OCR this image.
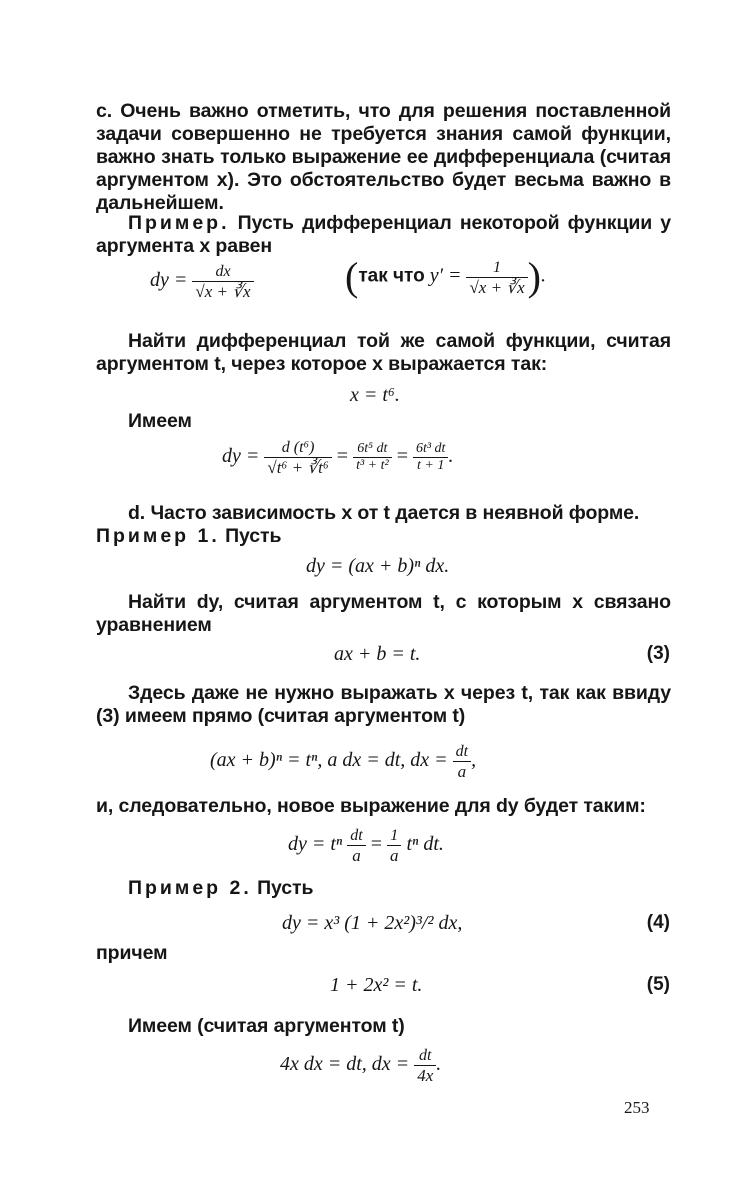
c. Очень важно отметить, что для решения поставленной задачи совершенно не требуется знания самой функции, важно знать только выражение ее дифференциала (считая аргументом x). Это обстоятельство будет весьма важно в дальнейшем.
Пример. Пусть дифференциал некоторой функции y аргумента x равен
dy = $\frac{dx}{√x + ∛x} (так$ что $y' = \frac{1}{√x + ∛x}$ ).
Найти дифференциал той же самой функции, считая аргументом t, через которое x выражается так:
x = t⁶.
Имеем
dy = $\frac{\text{d (t⁶)}}{\text{√t⁶ + ∛t⁶}} = \frac{\text{6t⁵ dt}}{\text{t³ + t²}} = \frac{\text{6t³ dt}}{t + 1}$ .
d. Часто зависимость x от t дается в неявной форме.
Пример 1. Пусть
dy = (ax + b)ⁿ dx.
Найти dy, считая аргументом t, с которым x связано уравнением
ax + b = t.	(3)
Здесь даже не нужно выражать x через t, так как ввиду (3) имеем прямо (считая аргументом t)
(ax + b)ⁿ = tⁿ, a dx = dt, dx = $\frac{dt}{a}$ ,
и, следовательно, новое выражение для dy будет таким:
dy = tⁿ $\frac{dt}{a} = \frac{1}{a}$ tⁿ dt.
Пример 2. Пусть
dy = x³ (1 + 2x²)³/² dx,	(4)
причем
1 + 2x² = t.	(5)
Имеем (считая аргументом t)
4x dx = dt, dx = $\frac{dt}{4x}$ .
253
